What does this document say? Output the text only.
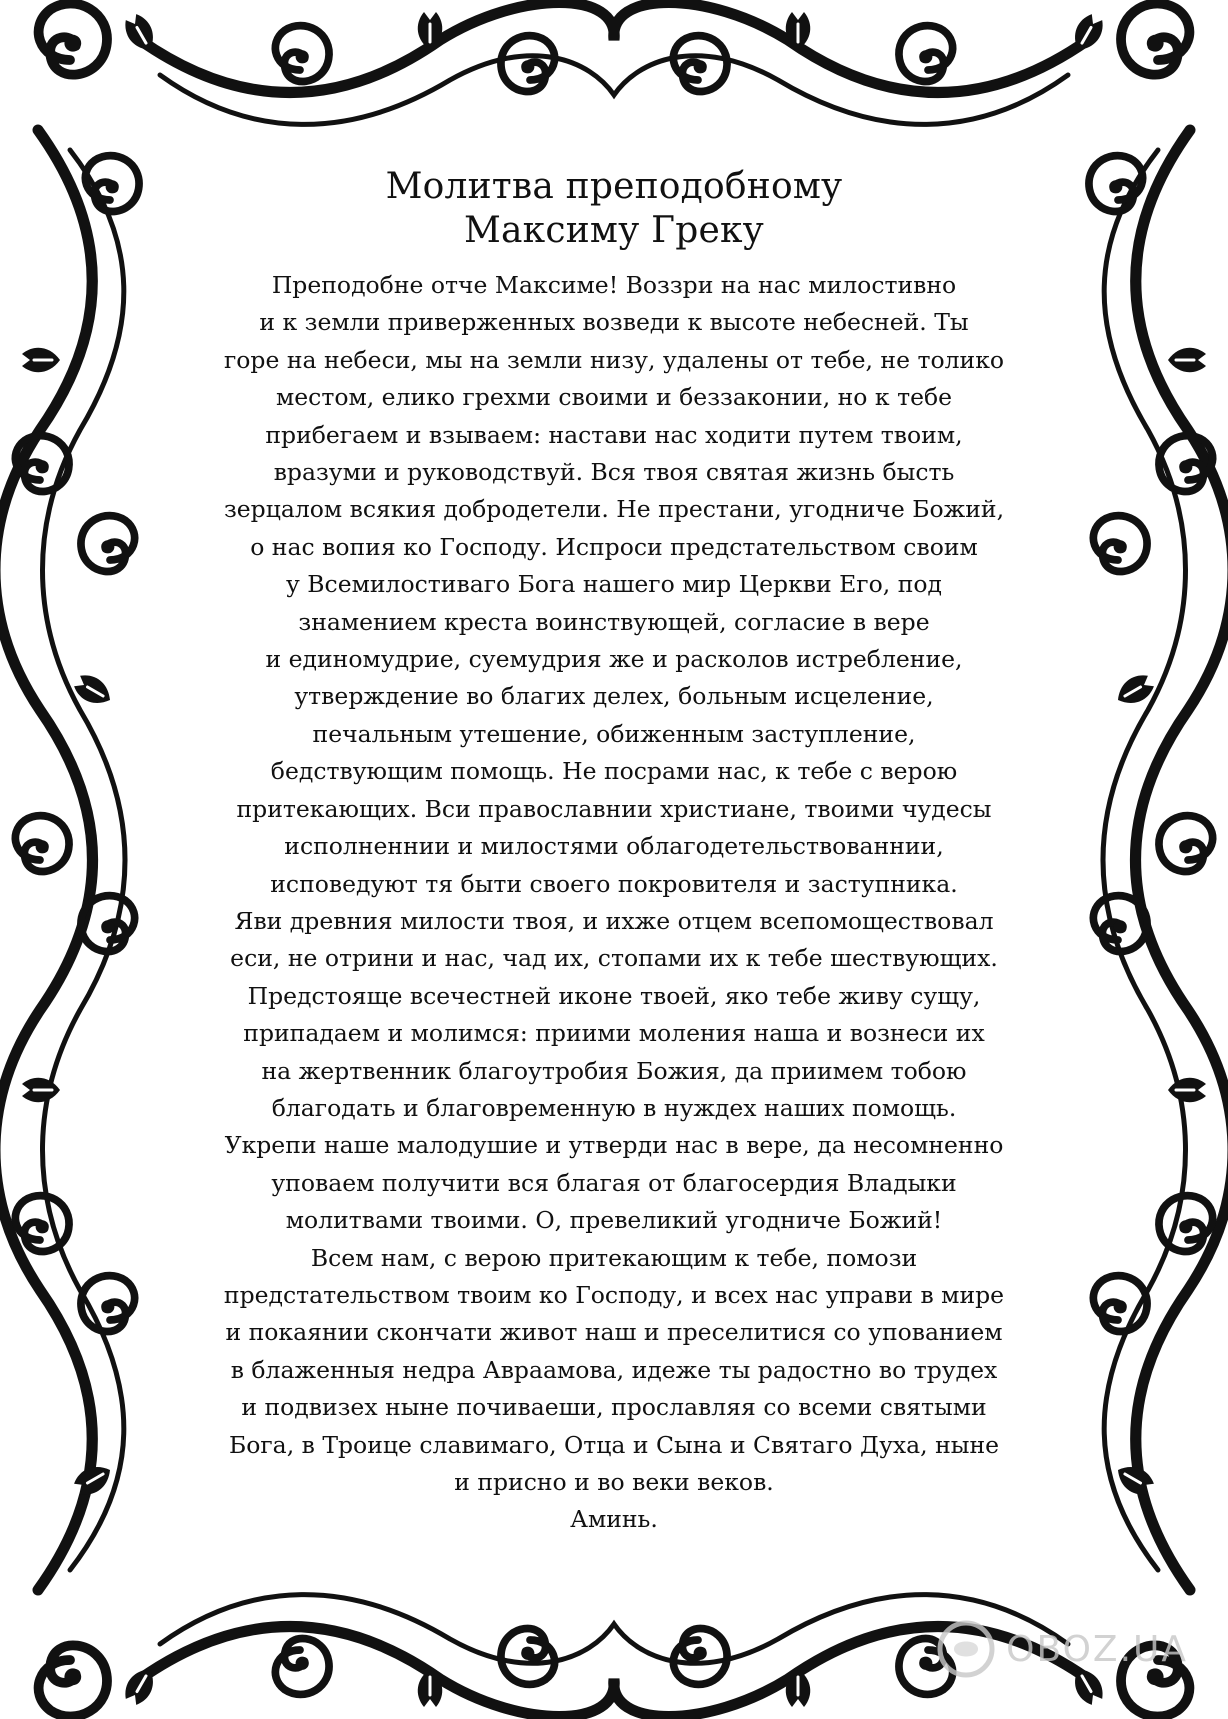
Молитва преподобному
Максиму Греку
Преподобне отче Максиме! Воззри на нас милостивно
и к земли приверженных возведи к высоте небесней. Ты
горе на небеси, мы на земли низу, удалены от тебе, не толико
местом, елико грехми своими и беззаконии, но к тебе
прибегаем и взываем: настави нас ходити путем твоим,
вразуми и руководствуй. Вся твоя святая жизнь бысть
зерцалом всякия добродетели. Не престани, угодниче Божий,
о нас вопия ко Господу. Испроси предстательством своим
у Всемилостиваго Бога нашего мир Церкви Его, под
знамением креста воинствующей, согласие в вере
и единомудрие, суемудрия же и расколов истребление,
утверждение во благих делех, больным исцеление,
печальным утешение, обиженным заступление,
бедствующим помощь. Не посрами нас, к тебе с верою
притекающих. Вси православнии христиане, твоими чудесы
исполненнии и милостями облагодетельствованнии,
исповедуют тя быти своего покровителя и заступника.
Яви древния милости твоя, и ихже отцем всепомоществовал
еси, не отрини и нас, чад их, стопами их к тебе шествующих.
Предстояще всечестней иконе твоей, яко тебе живу сущу,
припадаем и молимся: приими моления наша и вознеси их
на жертвенник благоутробия Божия, да приимем тобою
благодать и благовременную в нуждех наших помощь.
Укрепи наше малодушие и утверди нас в вере, да несомненно
уповаем получити вся благая от благосердия Владыки
молитвами твоими. О, превеликий угодниче Божий!
Всем нам, с верою притекающим к тебе, помози
предстательством твоим ко Господу, и всех нас управи в мире
и покаянии скончати живот наш и преселитися со упованием
в блаженныя недра Авраамова, идеже ты радостно во трудех
и подвизех ныне почиваеши, прославляя со всеми святыми
Бога, в Троице славимаго, Отца и Сына и Святаго Духа, ныне
и присно и во веки веков.
Аминь.
OBOZ.UA
